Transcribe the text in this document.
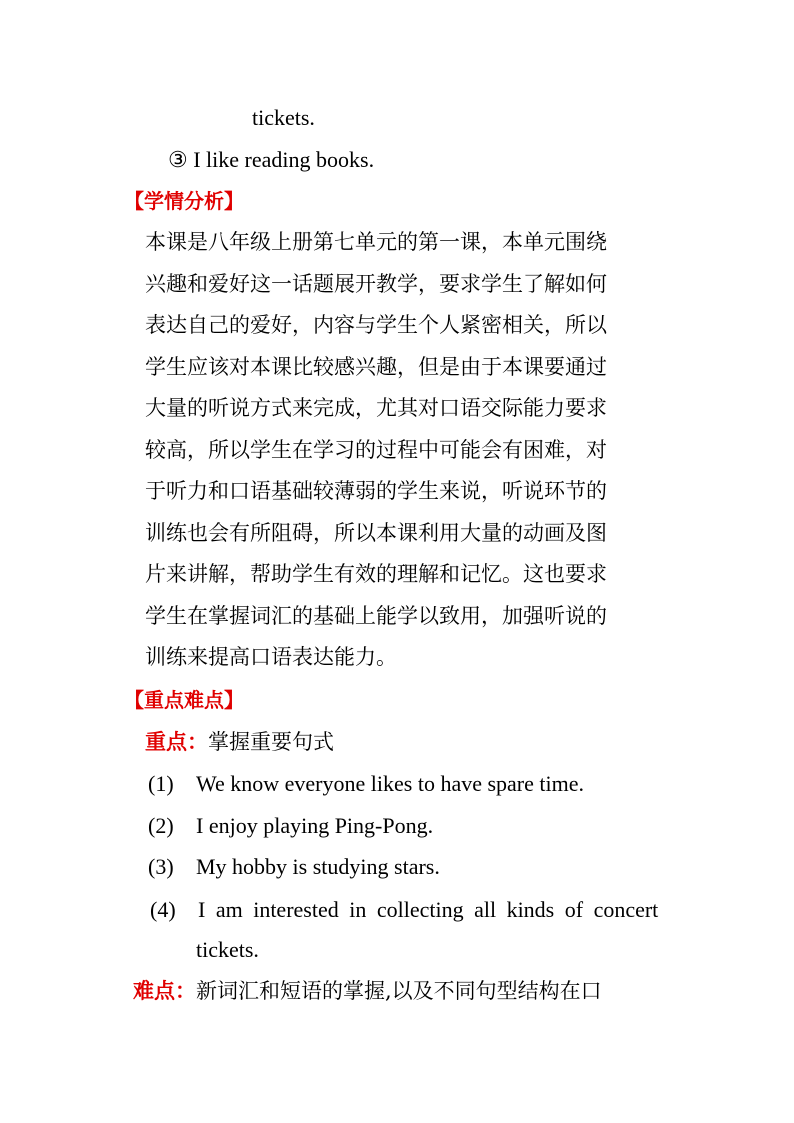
tickets.
③ I like reading books.
【学情分析】
本课是八年级上册第七单元的第一课，本单元围绕
兴趣和爱好这一话题展开教学，要求学生了解如何
表达自己的爱好，内容与学生个人紧密相关，所以
学生应该对本课比较感兴趣，但是由于本课要通过
大量的听说方式来完成，尤其对口语交际能力要求
较高，所以学生在学习的过程中可能会有困难，对
于听力和口语基础较薄弱的学生来说，听说环节的
训练也会有所阻碍，所以本课利用大量的动画及图
片来讲解，帮助学生有效的理解和记忆。这也要求
学生在掌握词汇的基础上能学以致用，加强听说的
训练来提高口语表达能力。
【重点难点】
重点：掌握重要句式
(1) We know everyone likes to have spare time.
(2) I enjoy playing Ping-Pong.
(3) My hobby is studying stars.
(4) I am interested in collecting all kinds of concert
tickets.
难点：新词汇和短语的掌握,以及不同句型结构在口
